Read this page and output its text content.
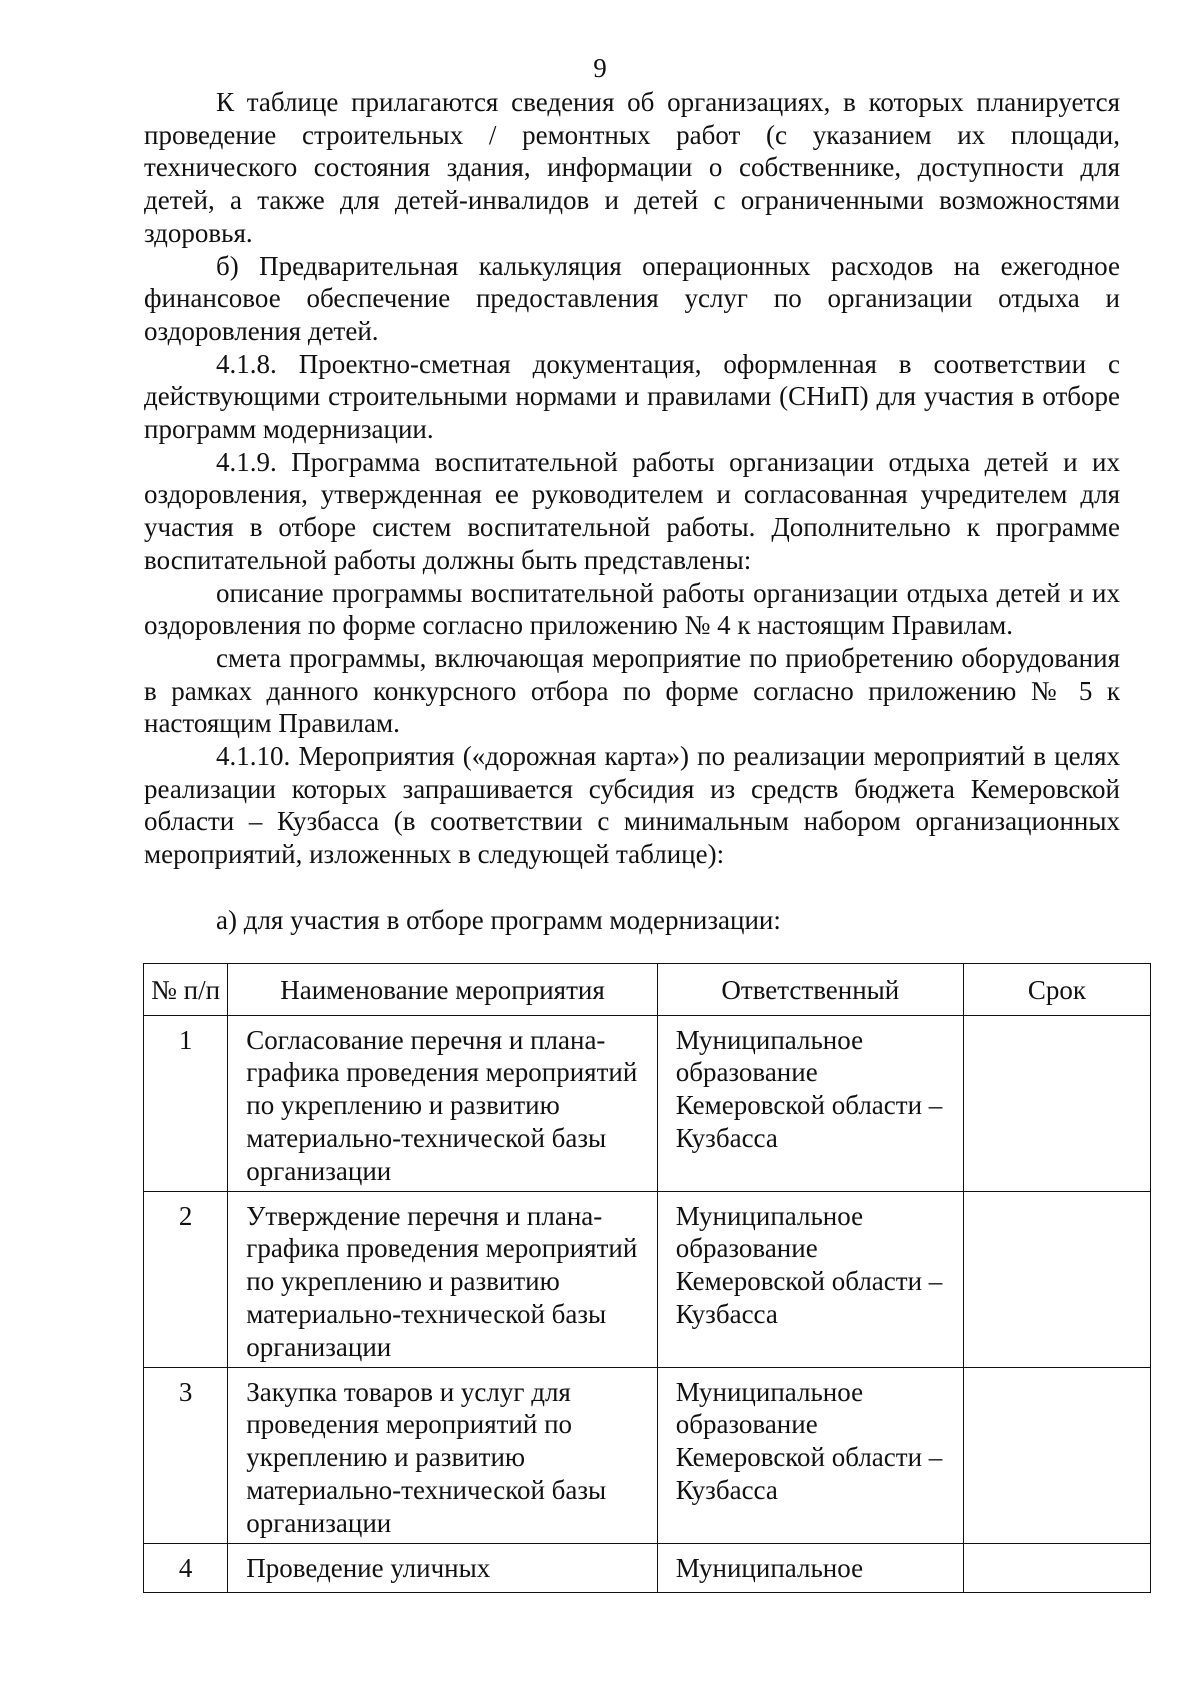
9

К таблице прилагаются сведения об организациях, в которых планируется проведение строительных / ремонтных работ (с указанием их площади, технического состояния здания, информации о собственнике, доступности для детей, а также для детей-инвалидов и детей с ограниченными возможностями здоровья.

б) Предварительная калькуляция операционных расходов на ежегодное финансовое обеспечение предоставления услуг по организации отдыха и оздоровления детей.

4.1.8. Проектно-сметная документация, оформленная в соответствии с действующими строительными нормами и правилами (СНиП) для участия в отборе программ модернизации.

4.1.9. Программа воспитательной работы организации отдыха детей и их оздоровления, утвержденная ее руководителем и согласованная учредителем для участия в отборе систем воспитательной работы. Дополнительно к программе воспитательной работы должны быть представлены:

описание программы воспитательной работы организации отдыха детей и их оздоровления по форме согласно приложению № 4 к настоящим Правилам.

смета программы, включающая мероприятие по приобретению оборудования в рамках данного конкурсного отбора по форме согласно приложению № 5 к настоящим Правилам.

4.1.10. Мероприятия («дорожная карта») по реализации мероприятий в целях реализации которых запрашивается субсидия из средств бюджета Кемеровской области – Кузбасса (в соответствии с минимальным набором организационных мероприятий, изложенных в следующей таблице):

а) для участия в отборе программ модернизации:

№ п/п	Наименование мероприятия	Ответственный	Срок
1	Согласование перечня и плана-графика проведения мероприятий по укреплению и развитию материально-технической базы организации	Муниципальное образование Кемеровской области – Кузбасса	
2	Утверждение перечня и плана-графика проведения мероприятий по укреплению и развитию материально-технической базы организации	Муниципальное образование Кемеровской области – Кузбасса	
3	Закупка товаров и услуг для проведения мероприятий по укреплению и развитию материально-технической базы организации	Муниципальное образование Кемеровской области – Кузбасса	
4	Проведение уличных	Муниципальное	
